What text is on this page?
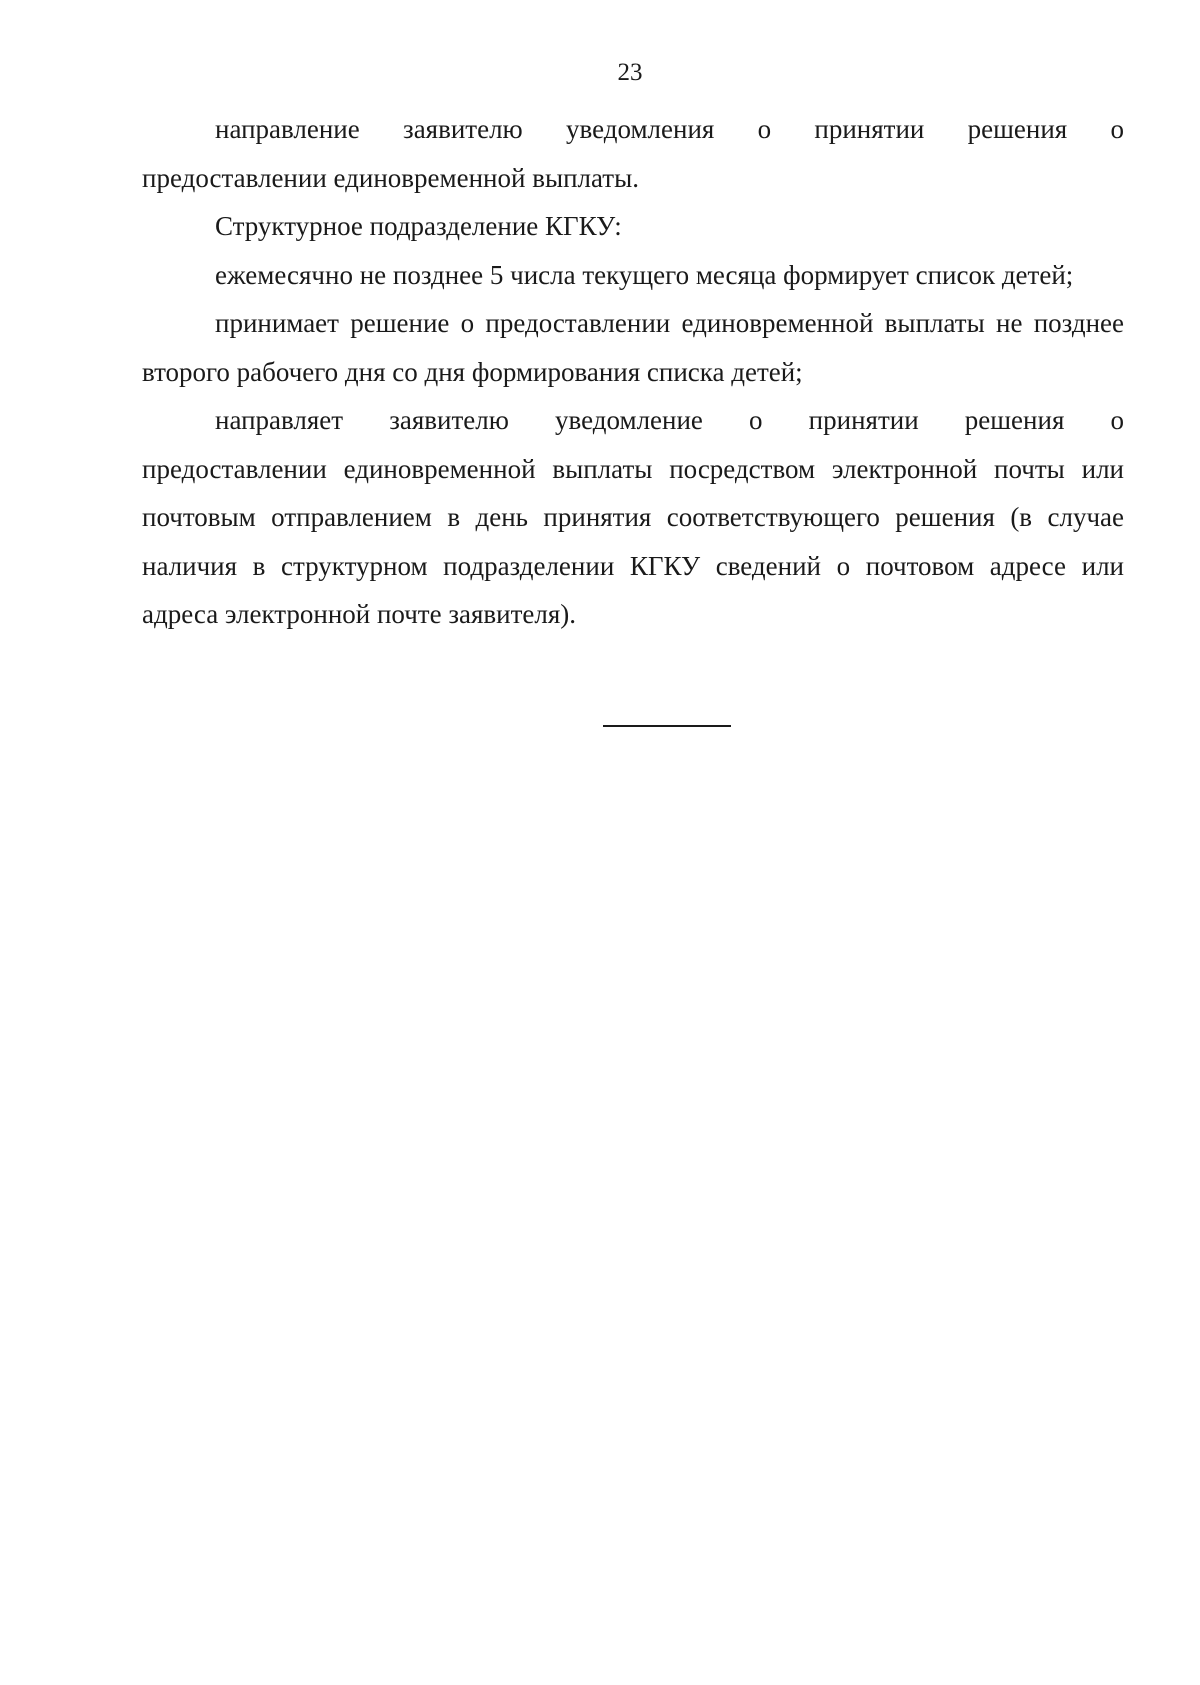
23

направление заявителю уведомления о принятии решения о

предоставлении единовременной выплаты.

Структурное подразделение КГКУ:

ежемесячно не позднее 5 числа текущего месяца формирует список детей;

принимает решение о предоставлении единовременной выплаты не позднее второго рабочего дня со дня формирования списка детей;

направляет заявителю уведомление о принятии решения о

предоставлении единовременной выплаты посредством электронной почты или почтовым отправлением в день принятия соответствующего решения (в случае наличия в структурном подразделении КГКУ сведений о почтовом адресе или адреса электронной почте заявителя).
